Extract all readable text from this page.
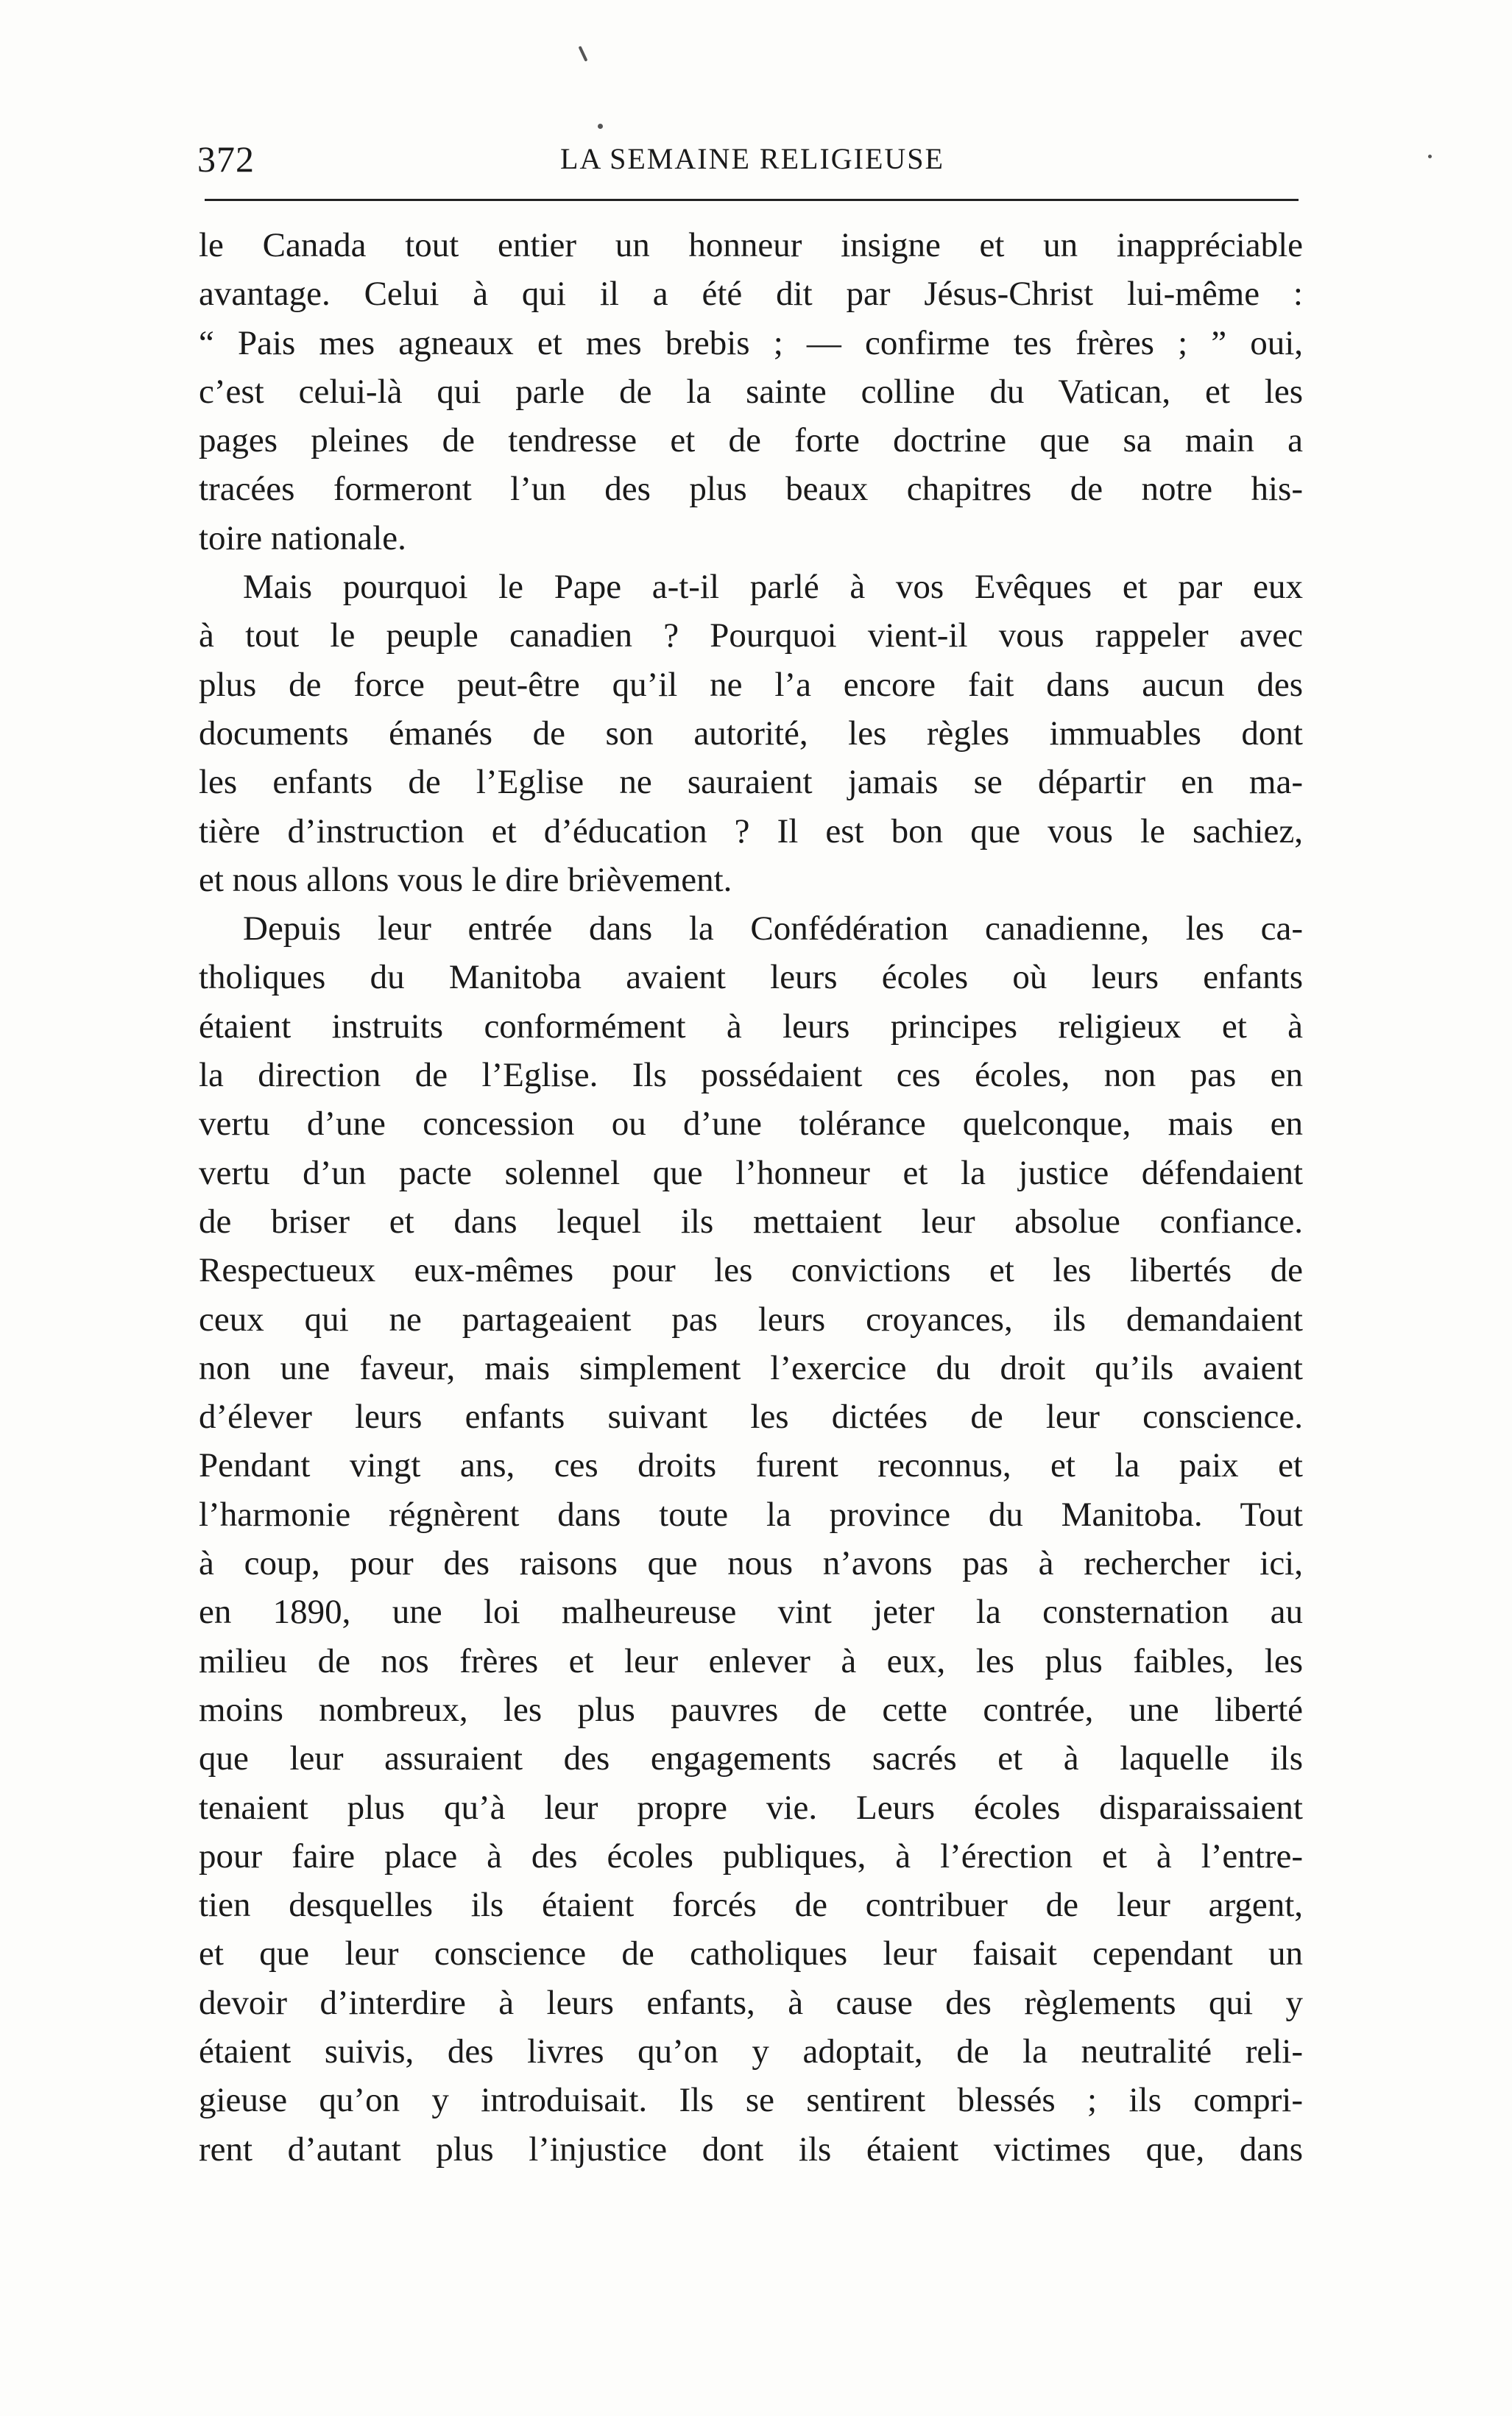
372	LA SEMAINE RELIGIEUSE
le Canada tout entier un honneur insigne et un inappréciable
avantage. Celui à qui il a été dit par Jésus-Christ lui-même :
“ Pais mes agneaux et mes brebis ; — confirme tes frères ; ” oui,
c’est celui-là qui parle de la sainte colline du Vatican, et les
pages pleines de tendresse et de forte doctrine que sa main a
tracées formeront l’un des plus beaux chapitres de notre his-
toire nationale.
Mais pourquoi le Pape a-t-il parlé à vos Evêques et par eux
à tout le peuple canadien ? Pourquoi vient-il vous rappeler avec
plus de force peut-être qu’il ne l’a encore fait dans aucun des
documents émanés de son autorité, les règles immuables dont
les enfants de l’Eglise ne sauraient jamais se départir en ma-
tière d’instruction et d’éducation ? Il est bon que vous le sachiez,
et nous allons vous le dire brièvement.
Depuis leur entrée dans la Confédération canadienne, les ca-
tholiques du Manitoba avaient leurs écoles où leurs enfants
étaient instruits conformément à leurs principes religieux et à
la direction de l’Eglise. Ils possédaient ces écoles, non pas en
vertu d’une concession ou d’une tolérance quelconque, mais en
vertu d’un pacte solennel que l’honneur et la justice défendaient
de briser et dans lequel ils mettaient leur absolue confiance.
Respectueux eux-mêmes pour les convictions et les libertés de
ceux qui ne partageaient pas leurs croyances, ils demandaient
non une faveur, mais simplement l’exercice du droit qu’ils avaient
d’élever leurs enfants suivant les dictées de leur conscience.
Pendant vingt ans, ces droits furent reconnus, et la paix et
l’harmonie régnèrent dans toute la province du Manitoba. Tout
à coup, pour des raisons que nous n’avons pas à rechercher ici,
en 1890, une loi malheureuse vint jeter la consternation au
milieu de nos frères et leur enlever à eux, les plus faibles, les
moins nombreux, les plus pauvres de cette contrée, une liberté
que leur assuraient des engagements sacrés et à laquelle ils
tenaient plus qu’à leur propre vie. Leurs écoles disparaissaient
pour faire place à des écoles publiques, à l’érection et à l’entre-
tien desquelles ils étaient forcés de contribuer de leur argent,
et que leur conscience de catholiques leur faisait cependant un
devoir d’interdire à leurs enfants, à cause des règlements qui y
étaient suivis, des livres qu’on y adoptait, de la neutralité reli-
gieuse qu’on y introduisait. Ils se sentirent blessés ; ils compri-
rent d’autant plus l’injustice dont ils étaient victimes que, dans
